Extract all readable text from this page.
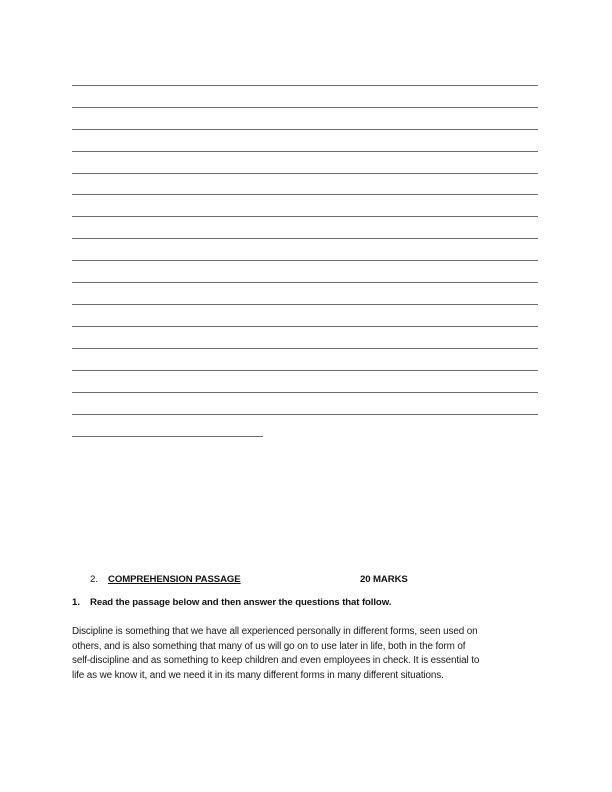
2. COMPREHENSION PASSAGE	20 MARKS
1. Read the passage below and then answer the questions that follow.
Discipline is something that we have all experienced personally in different forms, seen used on
others, and is also something that many of us will go on to use later in life, both in the form of
self-discipline and as something to keep children and even employees in check. It is essential to
life as we know it, and we need it in its many different forms in many different situations.
